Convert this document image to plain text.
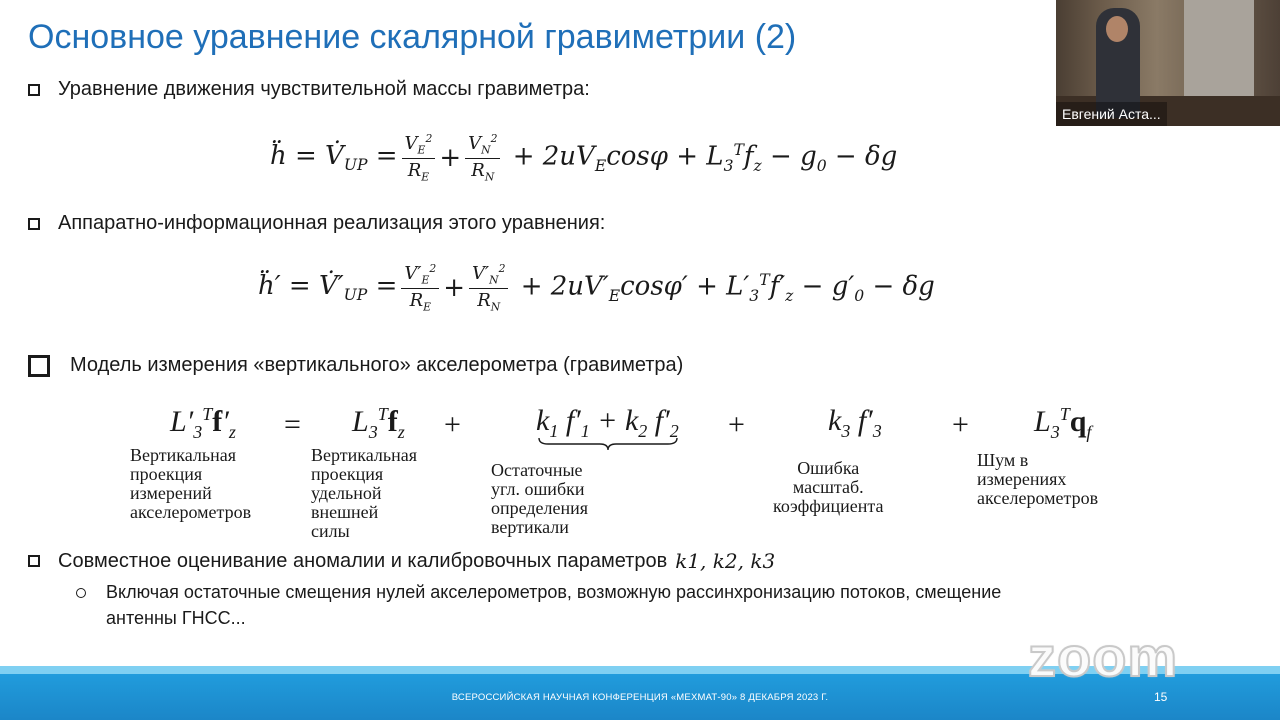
Основное уравнение скалярной гравиметрии (2)
Уравнение движения чувствительной массы гравиметра:
ḧ = $V̇_{UP} = \frac{V_E^2}{R_E} + \frac{V_N^2}{R_N} + 2uV_E\cos\varphi + L_3^Tf_z - g_0 - \delta g$
Аппаратно-информационная реализация этого уравнения:
ḧ′ = $V̇'_{UP} = \frac{V'_E^2}{R_E} + \frac{V'_N^2}{R_N} + 2uV'_E\cos\varphi' + L'_3^Tf'_z - g'_0 - \delta g$
Модель измерения «вертикального» акселерометра (гравиметра)
$L'_3^Tf'_z = L_3^Tf_z$ +	$k_1$ $f'_1 + k_2$ $f'_2$ +	$k_3$ $f'_3 + L_3^Tq_f$
Вертикальная
проекция
измерений
акселерометров
Вертикальная
проекция
удельной
внешней силы
Остаточные угл. ошибки
определения вертикали
Ошибка масштаб.
коэффициента
Шум в измерениях
акселерометров
Совместное оценивание аномалии и калибровочных параметров k1, k2, k3
Включая остаточные смещения нулей акселерометров, возможную рассинхронизацию потоков, смещение
антенны ГНСС...
ВСЕРОССИЙСКАЯ НАУЧНАЯ КОНФЕРЕНЦИЯ «МЕХМАТ-90» 8 ДЕКАБРЯ 2023 Г.	15
zoom
Евгений Аста...
